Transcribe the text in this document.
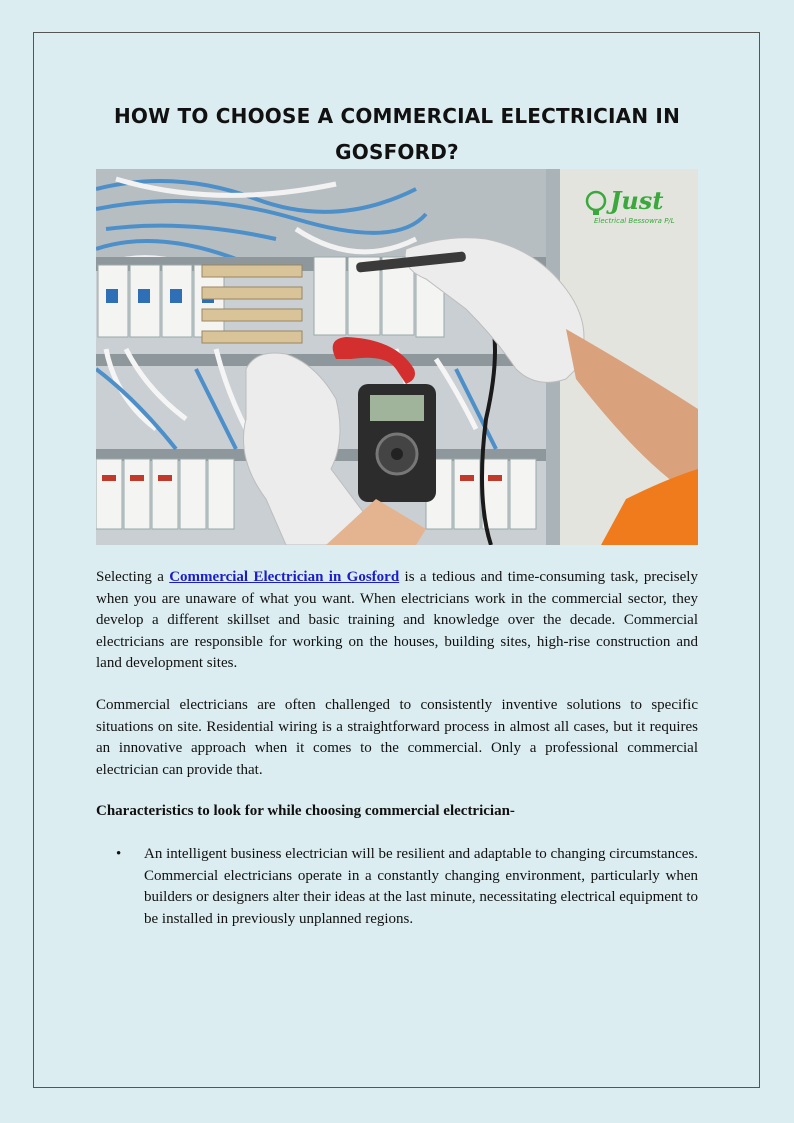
HOW TO CHOOSE A COMMERCIAL ELECTRICIAN IN GOSFORD?
Just
Electrical Bessowra P/L

Selecting a Commercial Electrician in Gosford is a tedious and time-consuming task, precisely when you are unaware of what you want. When electricians work in the commercial sector, they develop a different skillset and basic training and knowledge over the decade. Commercial electricians are responsible for working on the houses, building sites, high-rise construction and land development sites.

Commercial electricians are often challenged to consistently inventive solutions to specific situations on site. Residential wiring is a straightforward process in almost all cases, but it requires an innovative approach when it comes to the commercial. Only a professional commercial electrician can provide that.

Characteristics to look for while choosing commercial electrician-

• An intelligent business electrician will be resilient and adaptable to changing circumstances. Commercial electricians operate in a constantly changing environment, particularly when builders or designers alter their ideas at the last minute, necessitating electrical equipment to be installed in previously unplanned regions.
